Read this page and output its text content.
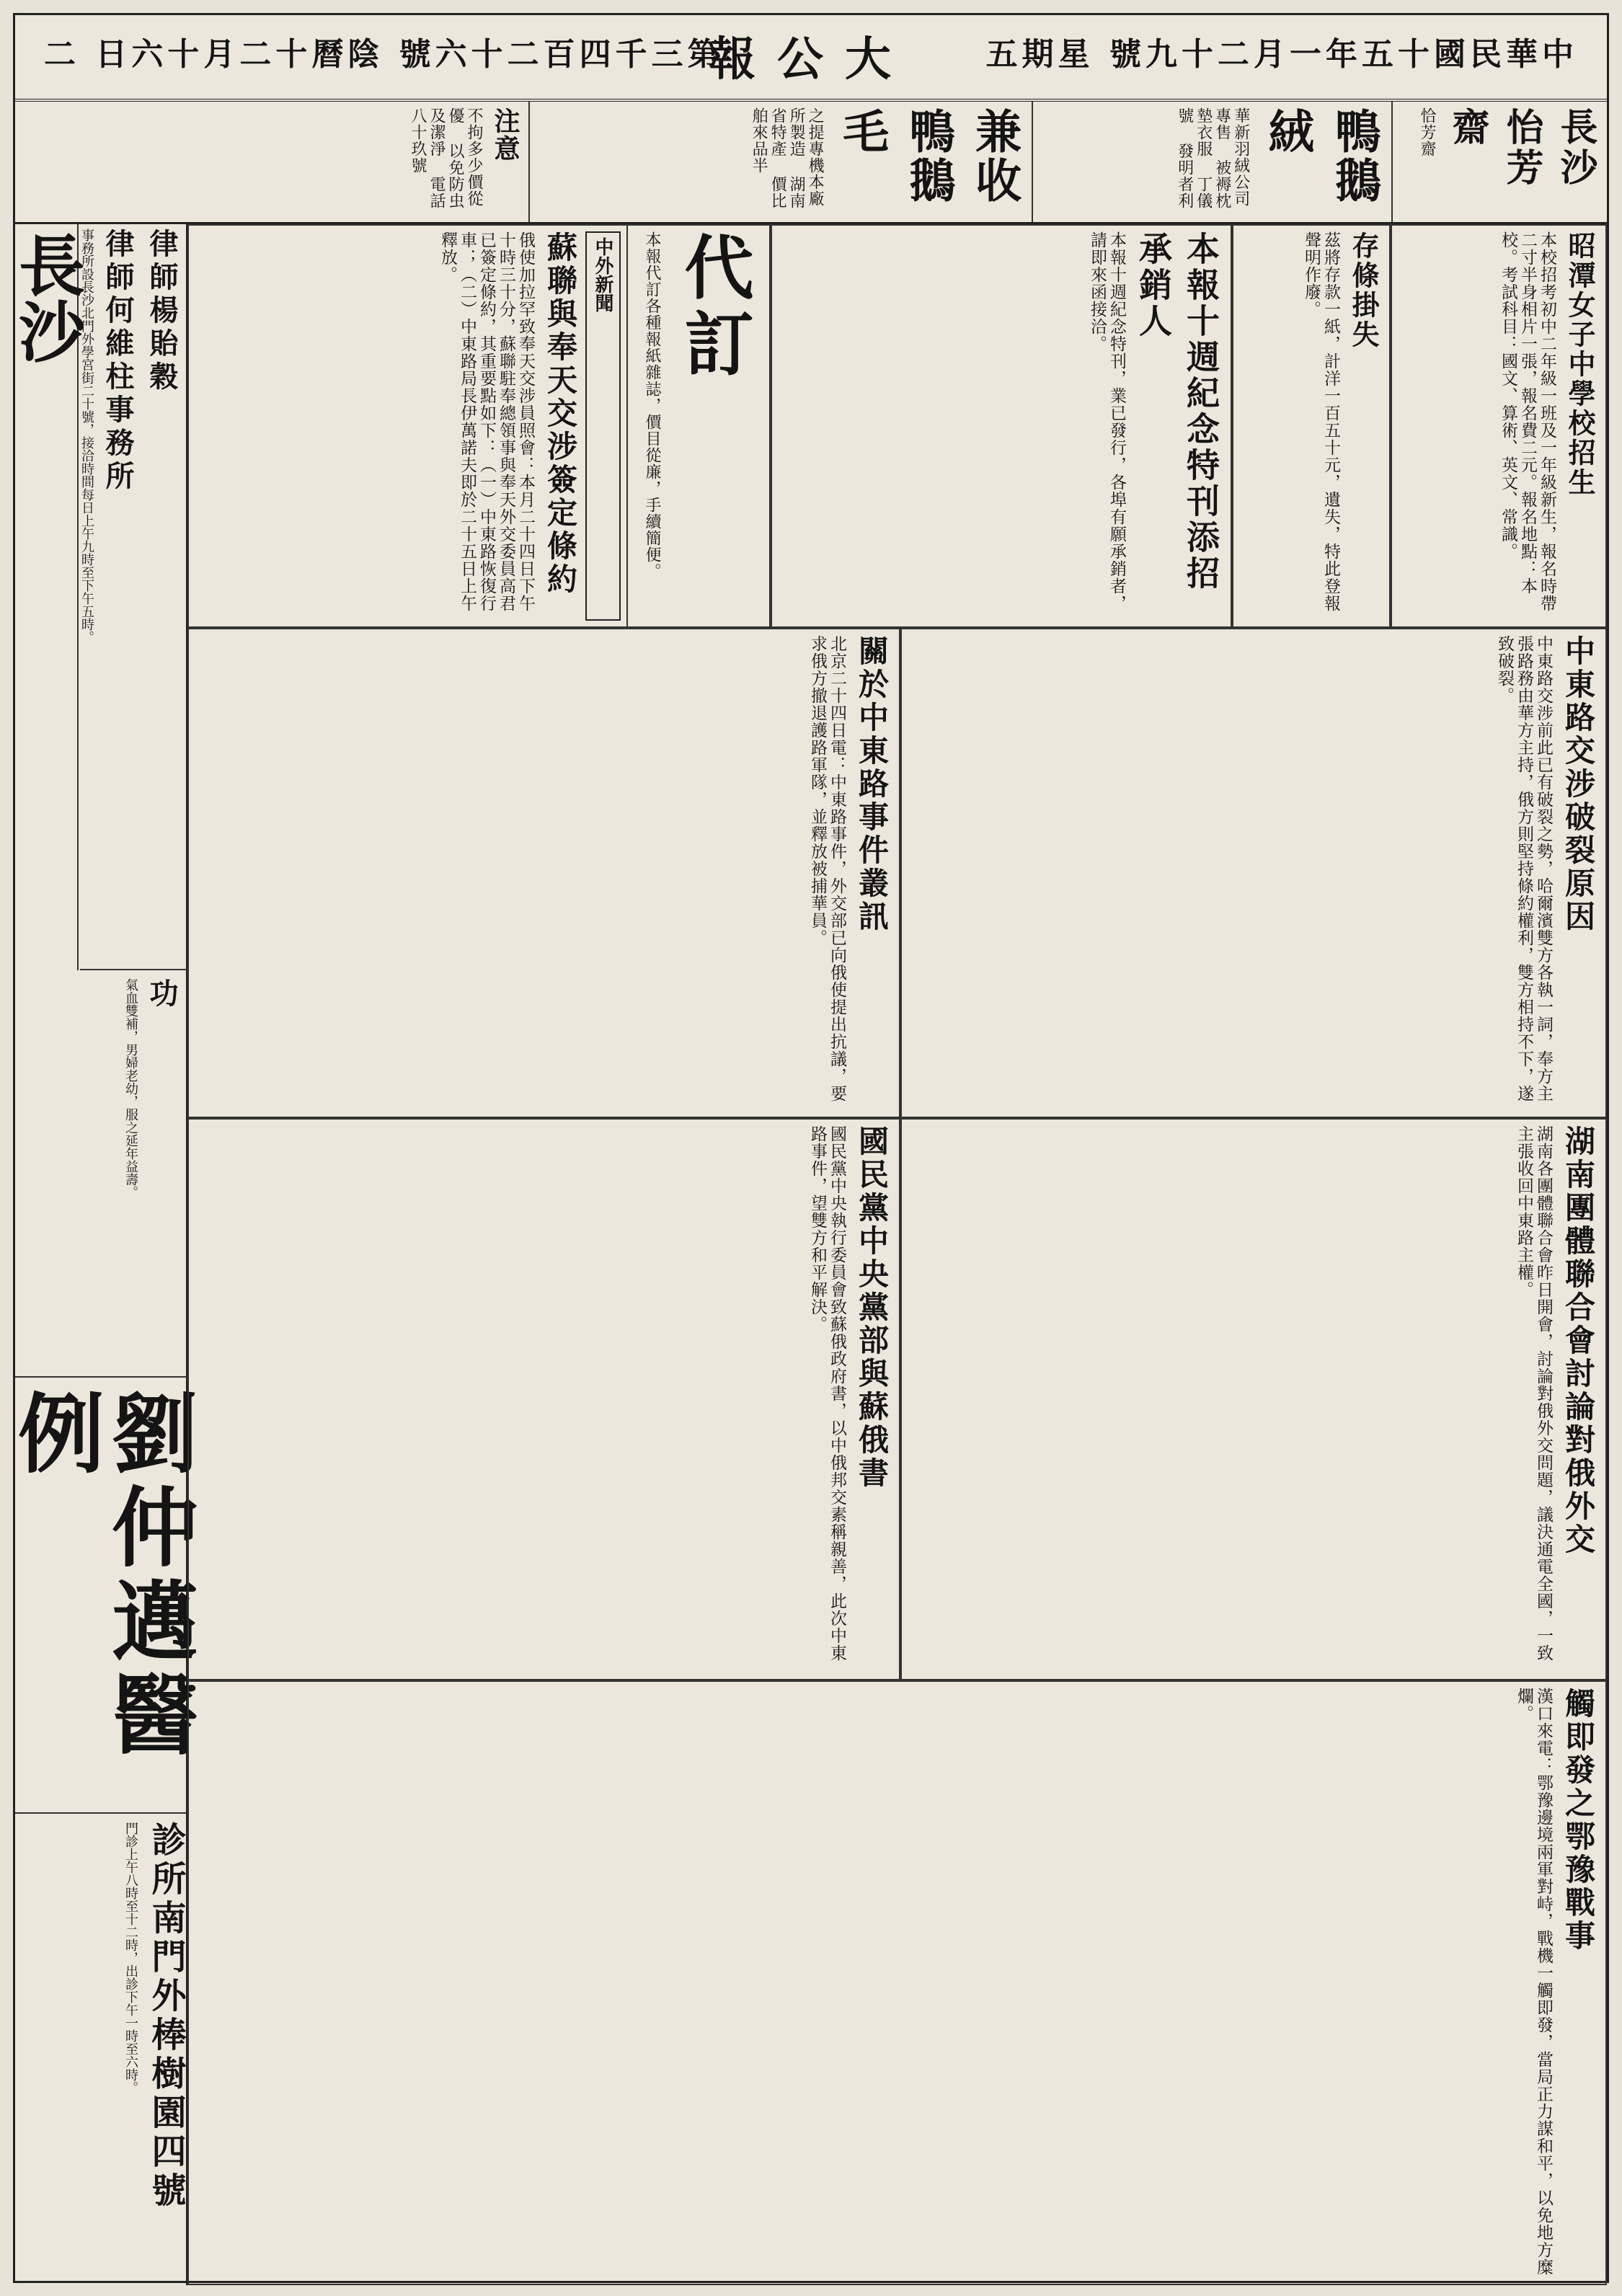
中華民國十五年一月二十九號 星期五
大公報
第三千四百二十六號 陰曆十二月十六日 二
長沙怡芳齋
恰芳齋
鴨鵝絨
華新羽絨公司專售 被褥枕墊衣服 丁儀號 發明者利
兼收鴨鵝毛
之提專機本廠所製造 湖南省特產 價比舶來品半
注意
不拘多少價從優 以免防虫 及潔淨 電話八十玖號
律師楊貽穀
律師何維柱事務所
事務所設長沙北門外學宮街二十號，接洽時間每日上午九時至下午五時。
長沙
功
氣血雙補，男婦老幼，服之延年益壽。
劉仲邁醫例
診所南門外棒樹園四號
門診上午八時至十二時，出診下午一時至六時。
昭潭女子中學校招生
本校招考初中二年級一班及一年級新生，報名時帶二寸半身相片一張，報名費二元。報名地點：本校。考試科目：國文、算術、英文、常識。
存條掛失
茲將存款一紙，計洋一百五十元，遺失，特此登報聲明作廢。
本報十週紀念特刊添招承銷人
本報十週紀念特刊，業已發行，各埠有願承銷者，請即來函接洽。
代訂
本報代訂各種報紙雜誌，價目從廉，手續簡便。
中外新聞
蘇聯與奉天交涉簽定條約
俄使加拉罕致奉天交涉員照會：本月二十四日下午十時三十分，蘇聯駐奉總領事與奉天外交委員高君已簽定條約，其重要點如下：（一）中東路恢復行車；（二）中東路局長伊萬諾夫即於二十五日上午釋放。
中東路交涉破裂原因
中東路交涉前此已有破裂之勢，哈爾濱雙方各執一詞，奉方主張路務由華方主持，俄方則堅持條約權利，雙方相持不下，遂致破裂。
關於中東路事件叢訊
北京二十四日電：中東路事件，外交部已向俄使提出抗議，要求俄方撤退護路軍隊，並釋放被捕華員。
湖南團體聯合會討論對俄外交
湖南各團體聯合會昨日開會，討論對俄外交問題，議決通電全國，一致主張收回中東路主權。
國民黨中央黨部與蘇俄書
國民黨中央執行委員會致蘇俄政府書，以中俄邦交素稱親善，此次中東路事件，望雙方和平解決。
觸即發之鄂豫戰事
漢口來電：鄂豫邊境兩軍對峙，戰機一觸即發，當局正力謀和平，以免地方糜爛。
